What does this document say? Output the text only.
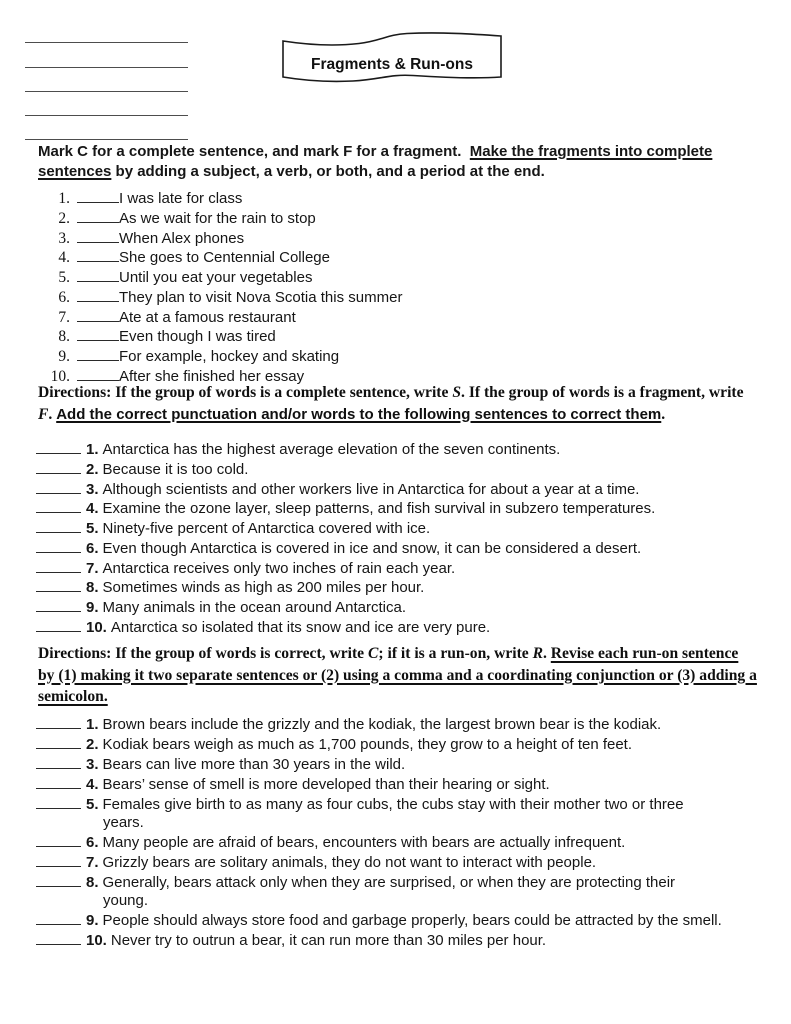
Fragments & Run-ons
Mark C for a complete sentence, and mark F for a fragment.  Make the fragments into complete
sentences by adding a subject, a verb, or both, and a period at the end.
1.	I was late for class
2.	As we wait for the rain to stop
3.	When Alex phones
4.	She goes to Centennial College
5.	Until you eat your vegetables
6.	They plan to visit Nova Scotia this summer
7.	Ate at a famous restaurant
8.	Even though I was tired
9.	For example, hockey and skating
10.	After she finished her essay
Directions: If the group of words is a complete sentence, write S. If the group of words is a fragment, write
F. Add the correct punctuation and/or words to the following sentences to correct them.
1. Antarctica has the highest average elevation of the seven continents.
2. Because it is too cold.
3. Although scientists and other workers live in Antarctica for about a year at a time.
4. Examine the ozone layer, sleep patterns, and fish survival in subzero temperatures.
5. Ninety-five percent of Antarctica covered with ice.
6. Even though Antarctica is covered in ice and snow, it can be considered a desert.
7. Antarctica receives only two inches of rain each year.
8. Sometimes winds as high as 200 miles per hour.
9. Many animals in the ocean around Antarctica.
10. Antarctica so isolated that its snow and ice are very pure.
Directions: If the group of words is correct, write C; if it is a run-on, write R. Revise each run-on sentence
by (1) making it two separate sentences or (2) using a comma and a coordinating conjunction or (3) adding a
semicolon.
1. Brown bears include the grizzly and the kodiak, the largest brown bear is the kodiak.
2. Kodiak bears weigh as much as 1,700 pounds, they grow to a height of ten feet.
3. Bears can live more than 30 years in the wild.
4. Bears’ sense of smell is more developed than their hearing or sight.
5. Females give birth to as many as four cubs, the cubs stay with their mother two or three
years.
6. Many people are afraid of bears, encounters with bears are actually infrequent.
7. Grizzly bears are solitary animals, they do not want to interact with people.
8. Generally, bears attack only when they are surprised, or when they are protecting their
young.
9. People should always store food and garbage properly, bears could be attracted by the smell.
10. Never try to outrun a bear, it can run more than 30 miles per hour.
